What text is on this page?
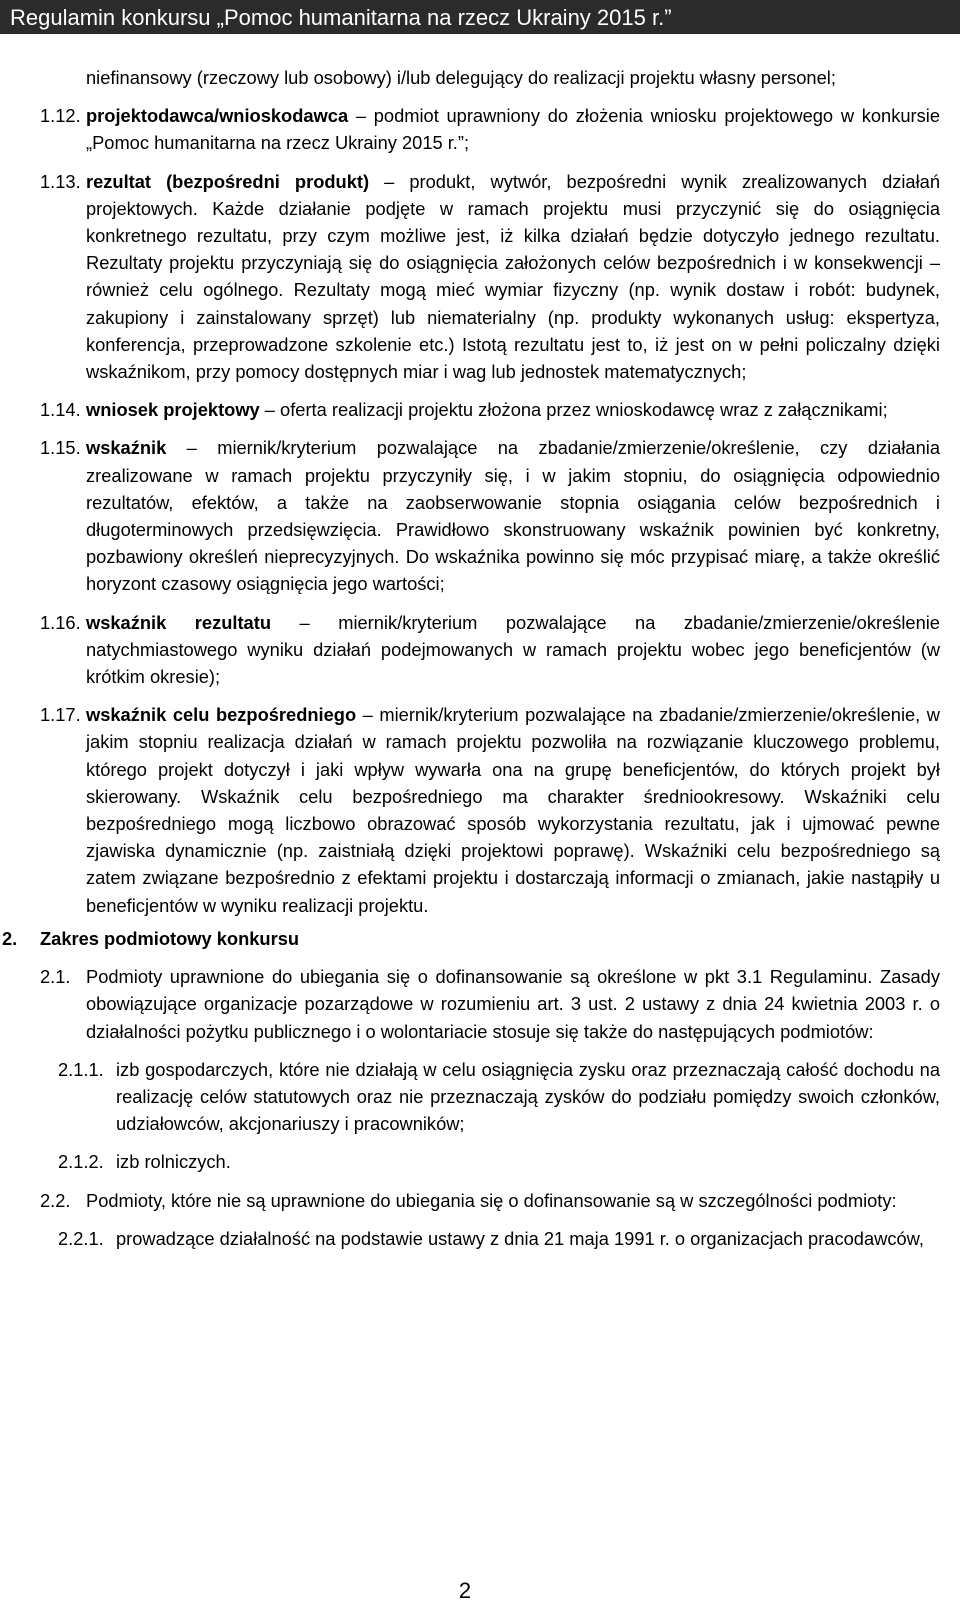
Regulamin konkursu „Pomoc humanitarna na rzecz Ukrainy 2015 r.”
niefinansowy (rzeczowy lub osobowy) i/lub delegujący do realizacji projektu własny personel;
1.12. projektodawca/wnioskodawca – podmiot uprawniony do złożenia wniosku projektowego w konkursie „Pomoc humanitarna na rzecz Ukrainy 2015 r.”;
1.13. rezultat (bezpośredni produkt) – produkt, wytwór, bezpośredni wynik zrealizowanych działań projektowych. Każde działanie podjęte w ramach projektu musi przyczynić się do osiągnięcia konkretnego rezultatu, przy czym możliwe jest, iż kilka działań będzie dotyczyło jednego rezultatu. Rezultaty projektu przyczyniają się do osiągnięcia założonych celów bezpośrednich i w konsekwencji – również celu ogólnego. Rezultaty mogą mieć wymiar fizyczny (np. wynik dostaw i robót: budynek, zakupiony i zainstalowany sprzęt) lub niematerialny (np. produkty wykonanych usług: ekspertyza, konferencja, przeprowadzone szkolenie etc.) Istotą rezultatu jest to, iż jest on w pełni policzalny dzięki wskaźnikom, przy pomocy dostępnych miar i wag lub jednostek matematycznych;
1.14. wniosek projektowy – oferta realizacji projektu złożona przez wnioskodawcę wraz z załącznikami;
1.15. wskaźnik – miernik/kryterium pozwalające na zbadanie/zmierzenie/określenie, czy działania zrealizowane w ramach projektu przyczyniły się, i w jakim stopniu, do osiągnięcia odpowiednio rezultatów, efektów, a także na zaobserwowanie stopnia osiągania celów bezpośrednich i długoterminowych przedsięwzięcia. Prawidłowo skonstruowany wskaźnik powinien być konkretny, pozbawiony określeń nieprecyzyjnych. Do wskaźnika powinno się móc przypisać miarę, a także określić horyzont czasowy osiągnięcia jego wartości;
1.16. wskaźnik rezultatu – miernik/kryterium pozwalające na zbadanie/zmierzenie/określenie natychmiastowego wyniku działań podejmowanych w ramach projektu wobec jego beneficjentów (w krótkim okresie);
1.17. wskaźnik celu bezpośredniego – miernik/kryterium pozwalające na zbadanie/zmierzenie/określenie, w jakim stopniu realizacja działań w ramach projektu pozwoliła na rozwiązanie kluczowego problemu, którego projekt dotyczył i jaki wpływ wywarła ona na grupę beneficjentów, do których projekt był skierowany. Wskaźnik celu bezpośredniego ma charakter średniookresowy. Wskaźniki celu bezpośredniego mogą liczbowo obrazować sposób wykorzystania rezultatu, jak i ujmować pewne zjawiska dynamicznie (np. zaistniałą dzięki projektowi poprawę). Wskaźniki celu bezpośredniego są zatem związane bezpośrednio z efektami projektu i dostarczają informacji o zmianach, jakie nastąpiły u beneficjentów w wyniku realizacji projektu.
2. Zakres podmiotowy konkursu
2.1. Podmioty uprawnione do ubiegania się o dofinansowanie są określone w pkt 3.1 Regulaminu. Zasady obowiązujące organizacje pozarządowe w rozumieniu art. 3 ust. 2 ustawy z dnia 24 kwietnia 2003 r. o działalności pożytku publicznego i o wolontariacie stosuje się także do następujących podmiotów:
2.1.1. izb gospodarczych, które nie działają w celu osiągnięcia zysku oraz przeznaczają całość dochodu na realizację celów statutowych oraz nie przeznaczają zysków do podziału pomiędzy swoich członków, udziałowców, akcjonariuszy i pracowników;
2.1.2. izb rolniczych.
2.2. Podmioty, które nie są uprawnione do ubiegania się o dofinansowanie są w szczególności podmioty:
2.2.1. prowadzące działalność na podstawie ustawy z dnia 21 maja 1991 r. o organizacjach pracodawców,
2
